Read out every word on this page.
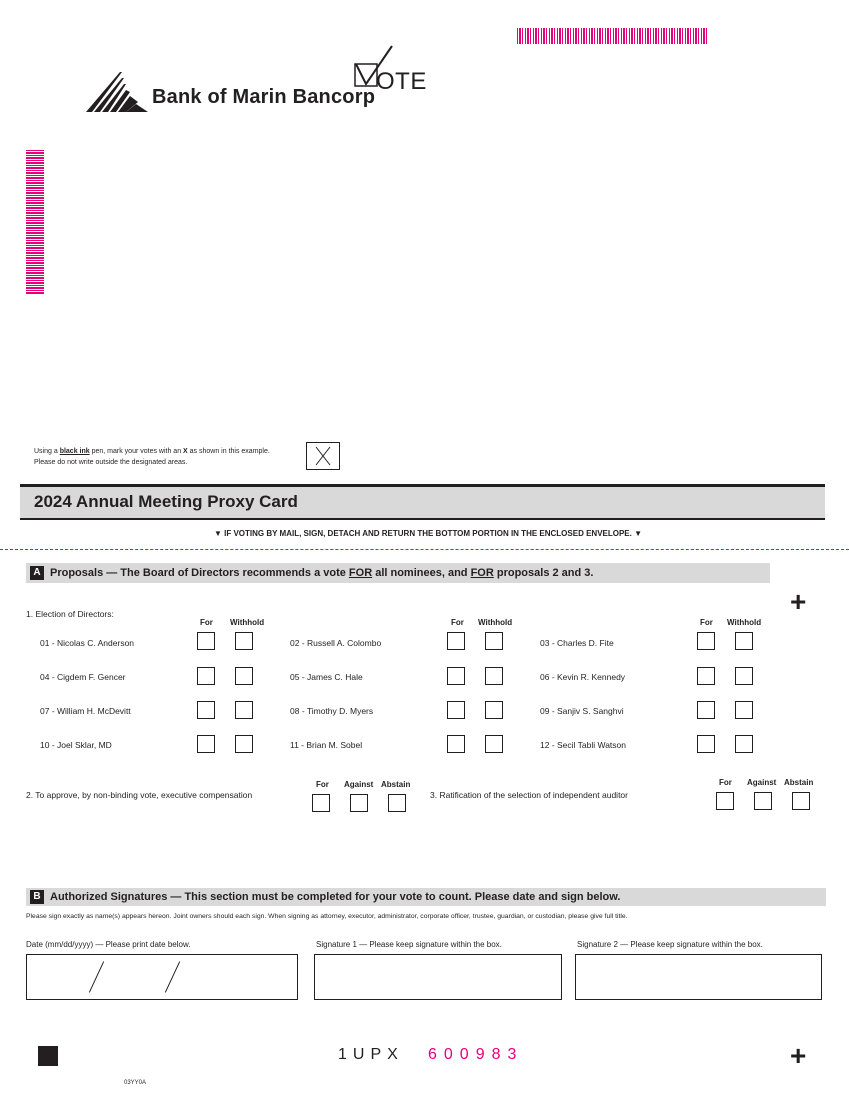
Bank of Marin Bancorp
OTE
Using a black ink pen, mark your votes with an X as shown in this example.
Please do not write outside the designated areas.
2024 Annual Meeting Proxy Card
▼ IF VOTING BY MAIL, SIGN, DETACH AND RETURN THE BOTTOM PORTION IN THE ENCLOSED ENVELOPE. ▼
A Proposals — The Board of Directors recommends a vote FOR all nominees, and FOR proposals 2 and 3.
+
1. Election of Directors:
For Withhold	For Withhold	For Withhold
01 - Nicolas C. Anderson	02 - Russell A. Colombo	03 - Charles D. Fite
04 - Cigdem F. Gencer	05 - James C. Hale	06 - Kevin R. Kennedy
07 - William H. McDevitt	08 - Timothy D. Myers	09 - Sanjiv S. Sanghvi
10 - Joel Sklar, MD	11 - Brian M. Sobel	12 - Secil Tabli Watson
2. To approve, by non-binding vote, executive compensation
For Against Abstain
3. Ratification of the selection of independent auditor
For Against Abstain
B Authorized Signatures — This section must be completed for your vote to count. Please date and sign below.
Please sign exactly as name(s) appears hereon. Joint owners should each sign. When signing as attorney, executor, administrator, corporate officer, trustee, guardian, or custodian, please give full title.
Date (mm/dd/yyyy) — Please print date below.	Signature 1 — Please keep signature within the box.	Signature 2 — Please keep signature within the box.
1UPX 600983	+
03YY0A
